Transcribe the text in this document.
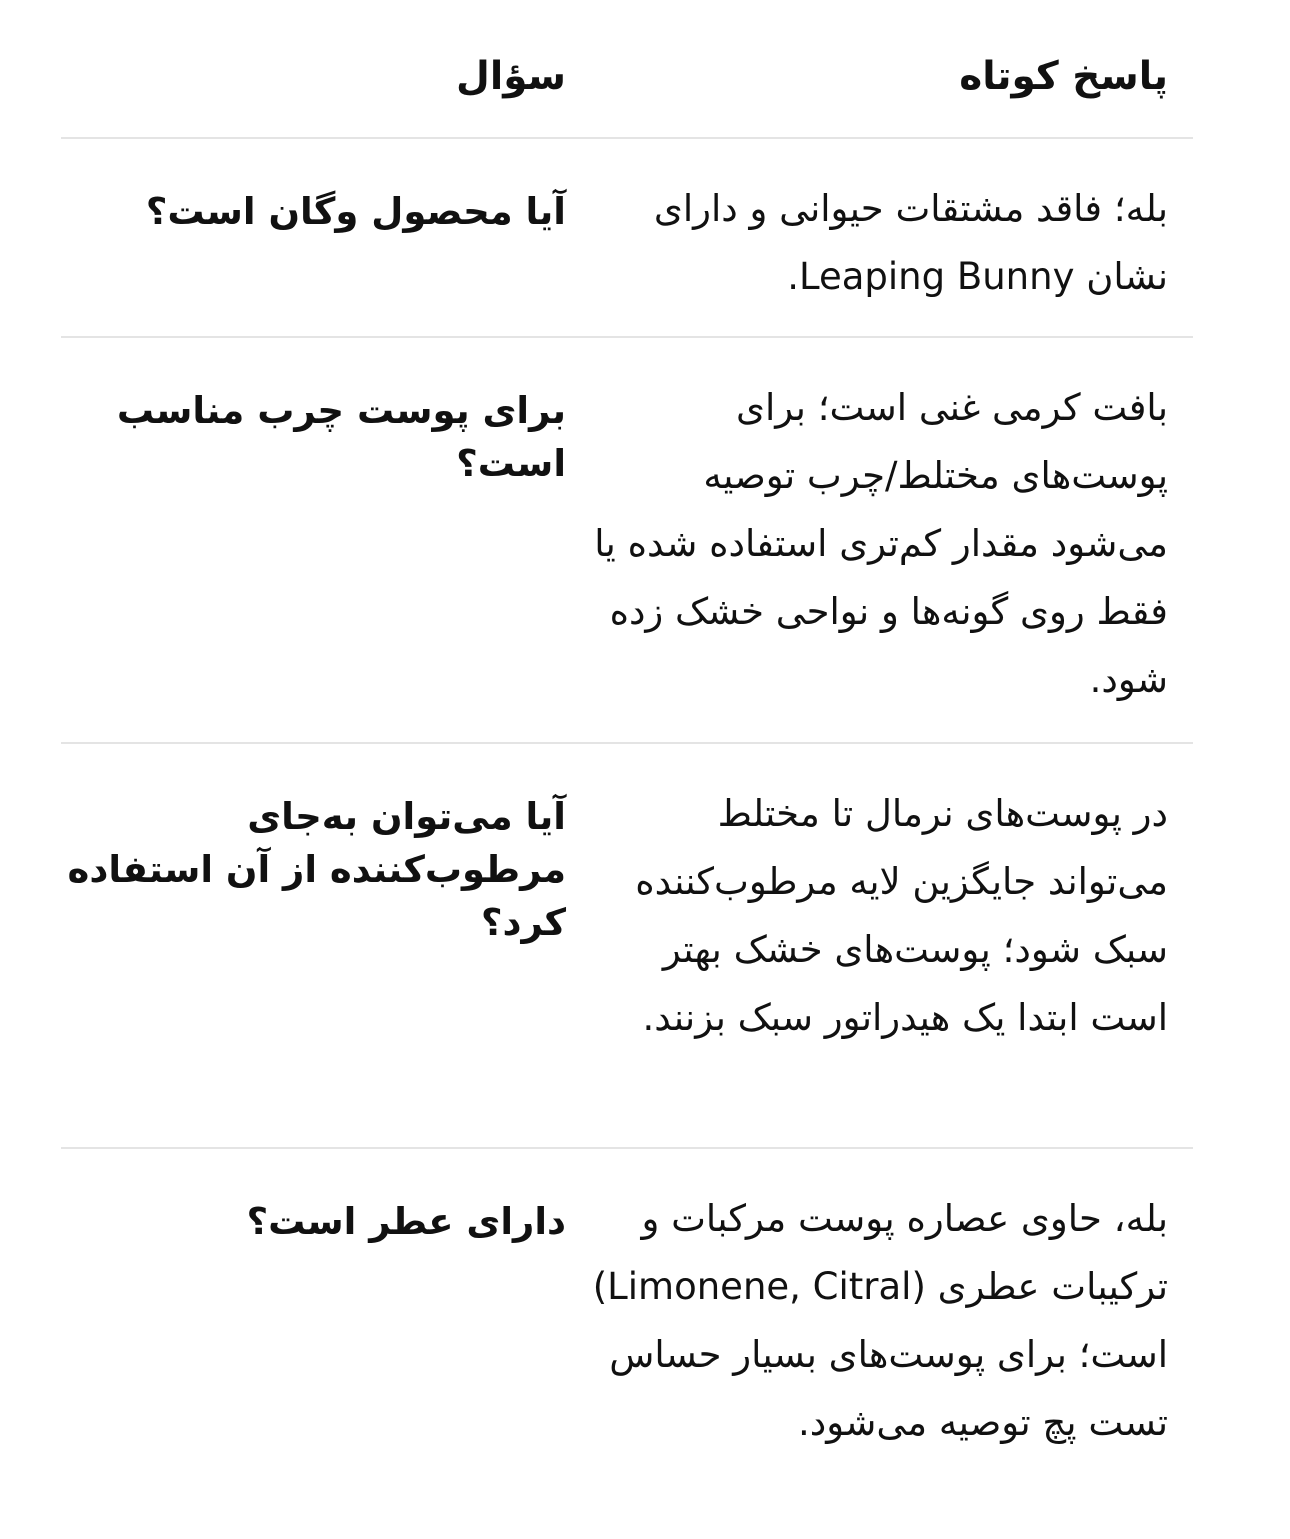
پاسخ کوتاه
سؤال
بله؛ فاقد مشتقات حیوانی و دارای نشان Leaping Bunny.
آیا محصول وگان است؟
بافت کرمی غنی است؛ برای پوست‌های مختلط/چرب توصیه می‌شود مقدار کم‌تری استفاده شده یا فقط روی گونه‌ها و نواحی خشک زده شود.
برای پوست چرب مناسب است؟
در پوست‌های نرمال تا مختلط می‌تواند جایگزین لایه مرطوب‌کننده سبک شود؛ پوست‌های خشک بهتر است ابتدا یک هیدراتور سبک بزنند.
آیا می‌توان به‌جای مرطوب‌کننده از آن استفاده کرد؟
بله، حاوی عصاره پوست مرکبات و ترکیبات عطری (Limonene, Citral) است؛ برای پوست‌های بسیار حساس تست پچ توصیه می‌شود.
دارای عطر است؟
